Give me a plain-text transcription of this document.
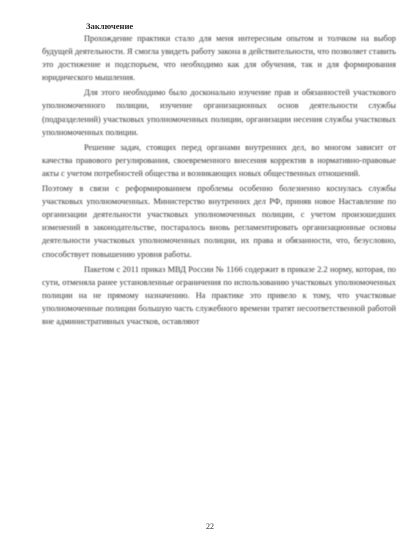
Заключение

Прохождение практики стало для меня интересным опытом и толчком на выбор будущей деятельности. Я смогла увидеть работу закона в действительности, что позволяет ставить это достижение и подспорьем, что необходимо как для обучения, так и для формирования юридического мышления.

Для этого необходимо было досконально изучение прав и обязанностей участкового уполномоченного полиции, изучение организационных основ деятельности службы (подразделений) участковых уполномоченных полиции, организации несения службы участковых уполномоченных полиции.

Решение задач, стоящих перед органами внутренних дел, во многом зависит от качества правового регулирования, своевременного внесения корректив в нормативно-правовые акты с учетом потребностей общества и возникающих новых общественных отношений.

Поэтому в связи с реформированием проблемы особенно болезненно коснулась службы участковых уполномоченных. Министерство внутренних дел РФ, приняв новое Наставление по организации деятельности участковых уполномоченных полиции, с учетом произошедших изменений в законодательстве, постаралось вновь регламентировать организационные основы деятельности участковых уполномоченных полиции, их права и обязанности, что, безусловно, способствует повышению уровня работы.

Пакетом с 2011 приказ МВД России № 1166 содержит в приказе 2.2 норму, которая, по сути, отменяла ранее установленные ограничения по использованию участковых уполномоченных полиции на не прямому назначению. На практике это привело к тому, что участковые уполномоченные полиции большую часть служебного времени тратят несоответственной работой вне административных участков, оставляют

22
